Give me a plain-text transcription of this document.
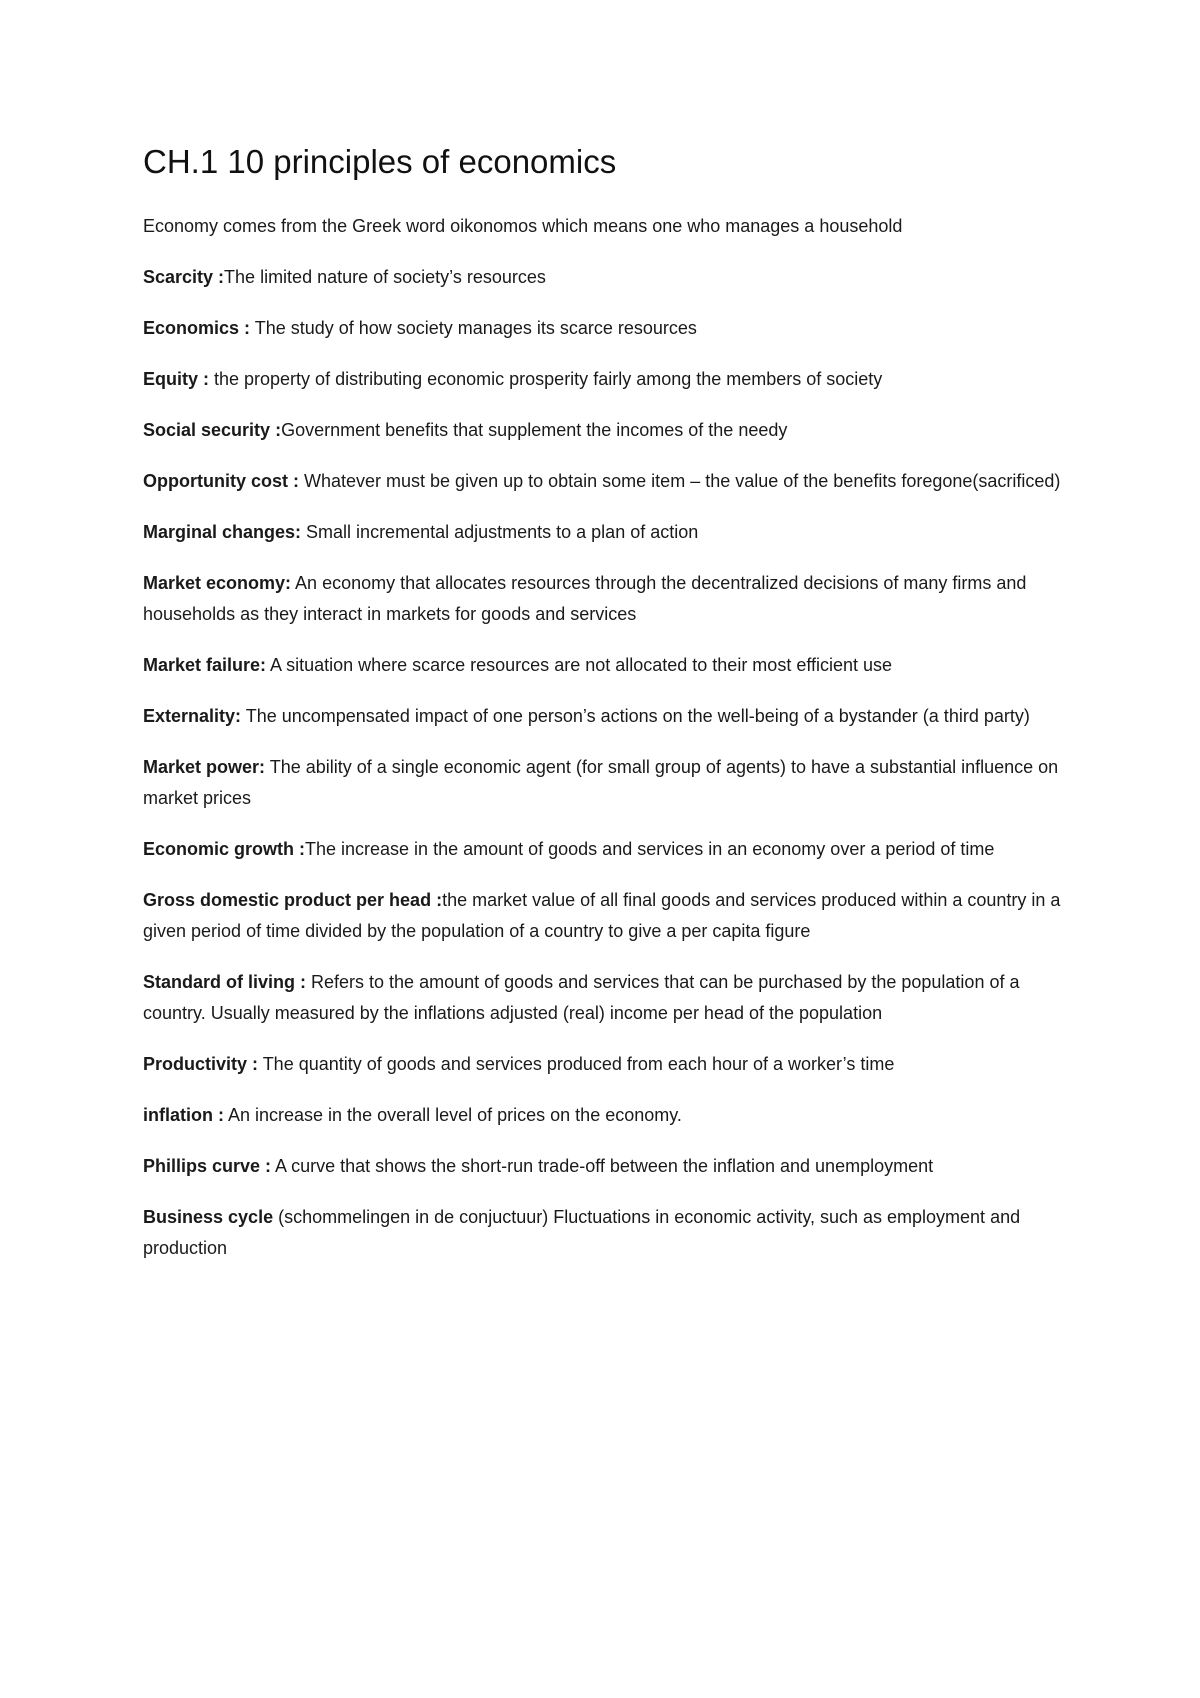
CH.1 10 principles of economics

Economy comes from the Greek word oikonomos which means one who manages a household

Scarcity :The limited nature of society’s resources

Economics : The study of how society manages its scarce resources

Equity : the property of distributing economic prosperity fairly among the members of society

Social security :Government benefits that supplement the incomes of the needy

Opportunity cost : Whatever must be given up to obtain some item – the value of the benefits foregone(sacrificed)

Marginal changes: Small incremental adjustments to a plan of action

Market economy: An economy that allocates resources through the decentralized decisions of many firms and households as they interact in markets for goods and services

Market failure: A situation where scarce resources are not allocated to their most efficient use

Externality: The uncompensated impact of one person’s actions on the well-being of a bystander (a third party)

Market power: The ability of a single economic agent (for small group of agents) to have a substantial influence on market prices

Economic growth :The increase in the amount of goods and services in an economy over a period of time

Gross domestic product per head :the market value of all final goods and services produced within a country in a given period of time divided by the population of a country to give a per capita figure

Standard of living : Refers to the amount of goods and services that can be purchased by the population of a country. Usually measured by the inflations adjusted (real) income per head of the population

Productivity : The quantity of goods and services produced from each hour of a worker’s time

inflation : An increase in the overall level of prices on the economy.

Phillips curve : A curve that shows the short-run trade-off between the inflation and unemployment

Business cycle (schommelingen in de conjuctuur) Fluctuations in economic activity, such as employment and production
